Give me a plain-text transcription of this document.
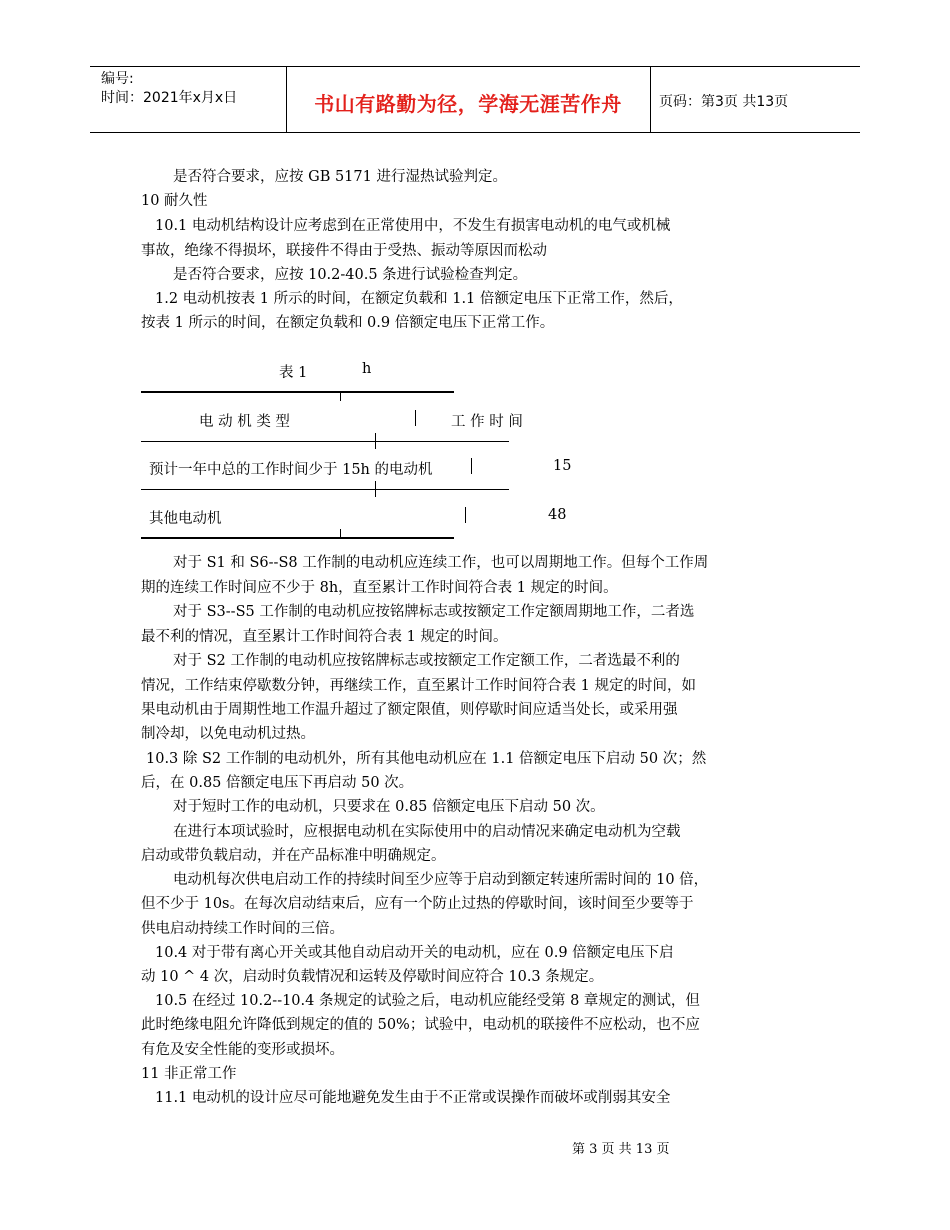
编号:
时间：2021年x月x日	书山有路勤为径，学海无涯苦作舟	页码：第3页 共13页
是否符合要求，应按 GB 5171 进行湿热试验判定。
10 耐久性
10.1 电动机结构设计应考虑到在正常使用中，不发生有损害电动机的电气或机械
事故，绝缘不得损坏，联接件不得由于受热、振动等原因而松动
是否符合要求，应按 10.2-40.5 条进行试验检查判定。
1.2 电动机按表 1 所示的时间，在额定负载和 1.1 倍额定电压下正常工作，然后，
按表 1 所示的时间，在额定负载和 0.9 倍额定电压下正常工作。
表 1	h
电 动 机 类 型	工 作 时 间
预计一年中总的工作时间少于 15h 的电动机	15
其他电动机	48
对于 S1 和 S6--S8 工作制的电动机应连续工作，也可以周期地工作。但每个工作周
期的连续工作时间应不少于 8h，直至累计工作时间符合表 1 规定的时间。
对于 S3--S5 工作制的电动机应按铭牌标志或按额定工作定额周期地工作，二者选
最不利的情况，直至累计工作时间符合表 1 规定的时间。
对于 S2 工作制的电动机应按铭牌标志或按额定工作定额工作，二者选最不利的
情况，工作结束停歇数分钟，再继续工作，直至累计工作时间符合表 1 规定的时间，如
果电动机由于周期性地工作温升超过了额定限值，则停歇时间应适当处长，或采用强
制冷却，以免电动机过热。
10.3 除 S2 工作制的电动机外，所有其他电动机应在 1.1 倍额定电压下启动 50 次；然
后，在 0.85 倍额定电压下再启动 50 次。
对于短时工作的电动机，只要求在 0.85 倍额定电压下启动 50 次。
在进行本项试验时，应根据电动机在实际使用中的启动情况来确定电动机为空载
启动或带负载启动，并在产品标准中明确规定。
电动机每次供电启动工作的持续时间至少应等于启动到额定转速所需时间的 10 倍，
但不少于 10s。在每次启动结束后，应有一个防止过热的停歇时间，该时间至少要等于
供电启动持续工作时间的三倍。
10.4 对于带有离心开关或其他自动启动开关的电动机，应在 0.9 倍额定电压下启
动 10 ^ 4 次，启动时负载情况和运转及停歇时间应符合 10.3 条规定。
10.5 在经过 10.2--10.4 条规定的试验之后，电动机应能经受第 8 章规定的测试，但
此时绝缘电阻允许降低到规定的值的 50%；试验中，电动机的联接件不应松动，也不应
有危及安全性能的变形或损坏。
11 非正常工作
11.1 电动机的设计应尽可能地避免发生由于不正常或误操作而破坏或削弱其安全
第 3 页 共 13 页
